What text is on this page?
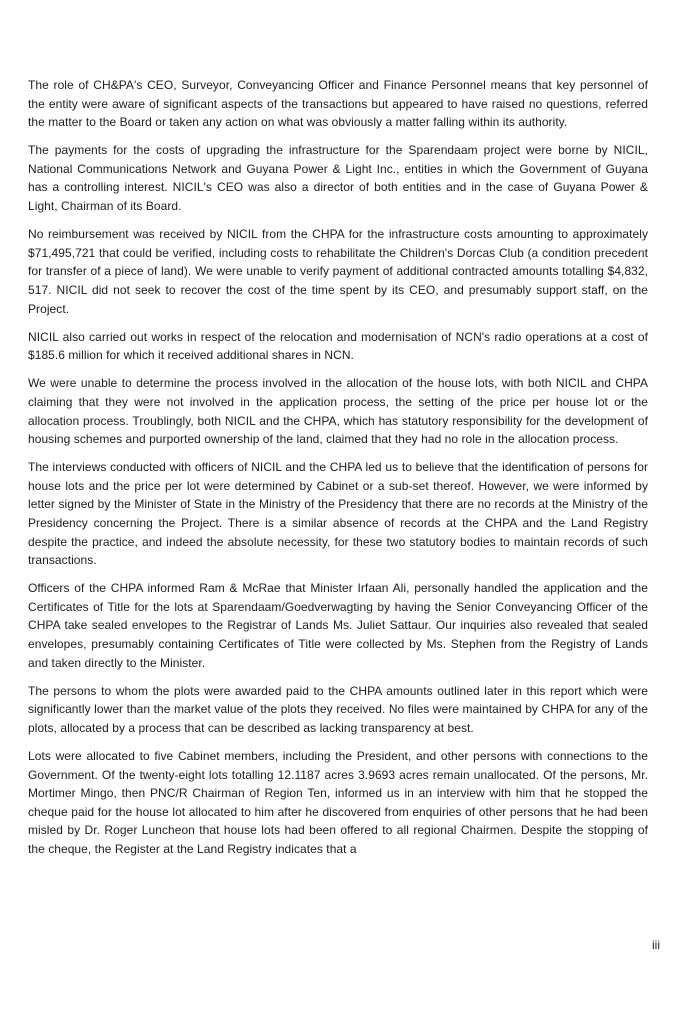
The role of CH&PA's CEO, Surveyor, Conveyancing Officer and Finance Personnel means that key personnel of the entity were aware of significant aspects of the transactions but appeared to have raised no questions, referred the matter to the Board or taken any action on what was obviously a matter falling within its authority.

The payments for the costs of upgrading the infrastructure for the Sparendaam project were borne by NICIL, National Communications Network and Guyana Power & Light Inc., entities in which the Government of Guyana has a controlling interest. NICIL's CEO was also a director of both entities and in the case of Guyana Power & Light, Chairman of its Board.

No reimbursement was received by NICIL from the CHPA for the infrastructure costs amounting to approximately $71,495,721 that could be verified, including costs to rehabilitate the Children's Dorcas Club (a condition precedent for transfer of a piece of land). We were unable to verify payment of additional contracted amounts totalling $4,832, 517. NICIL did not seek to recover the cost of the time spent by its CEO, and presumably support staff, on the Project.

NICIL also carried out works in respect of the relocation and modernisation of NCN's radio operations at a cost of $185.6 million for which it received additional shares in NCN.

We were unable to determine the process involved in the allocation of the house lots, with both NICIL and CHPA claiming that they were not involved in the application process, the setting of the price per house lot or the allocation process. Troublingly, both NICIL and the CHPA, which has statutory responsibility for the development of housing schemes and purported ownership of the land, claimed that they had no role in the allocation process.

The interviews conducted with officers of NICIL and the CHPA led us to believe that the identification of persons for house lots and the price per lot were determined by Cabinet or a sub-set thereof. However, we were informed by letter signed by the Minister of State in the Ministry of the Presidency that there are no records at the Ministry of the Presidency concerning the Project. There is a similar absence of records at the CHPA and the Land Registry despite the practice, and indeed the absolute necessity, for these two statutory bodies to maintain records of such transactions.

Officers of the CHPA informed Ram & McRae that Minister Irfaan Ali, personally handled the application and the Certificates of Title for the lots at Sparendaam/Goedverwagting by having the Senior Conveyancing Officer of the CHPA take sealed envelopes to the Registrar of Lands Ms. Juliet Sattaur. Our inquiries also revealed that sealed envelopes, presumably containing Certificates of Title were collected by Ms. Stephen from the Registry of Lands and taken directly to the Minister.

The persons to whom the plots were awarded paid to the CHPA amounts outlined later in this report which were significantly lower than the market value of the plots they received. No files were maintained by CHPA for any of the plots, allocated by a process that can be described as lacking transparency at best.

Lots were allocated to five Cabinet members, including the President, and other persons with connections to the Government. Of the twenty-eight lots totalling 12.1187 acres 3.9693 acres remain unallocated. Of the persons, Mr. Mortimer Mingo, then PNC/R Chairman of Region Ten, informed us in an interview with him that he stopped the cheque paid for the house lot allocated to him after he discovered from enquiries of other persons that he had been misled by Dr. Roger Luncheon that house lots had been offered to all regional Chairmen. Despite the stopping of the cheque, the Register at the Land Registry indicates that a

iii
